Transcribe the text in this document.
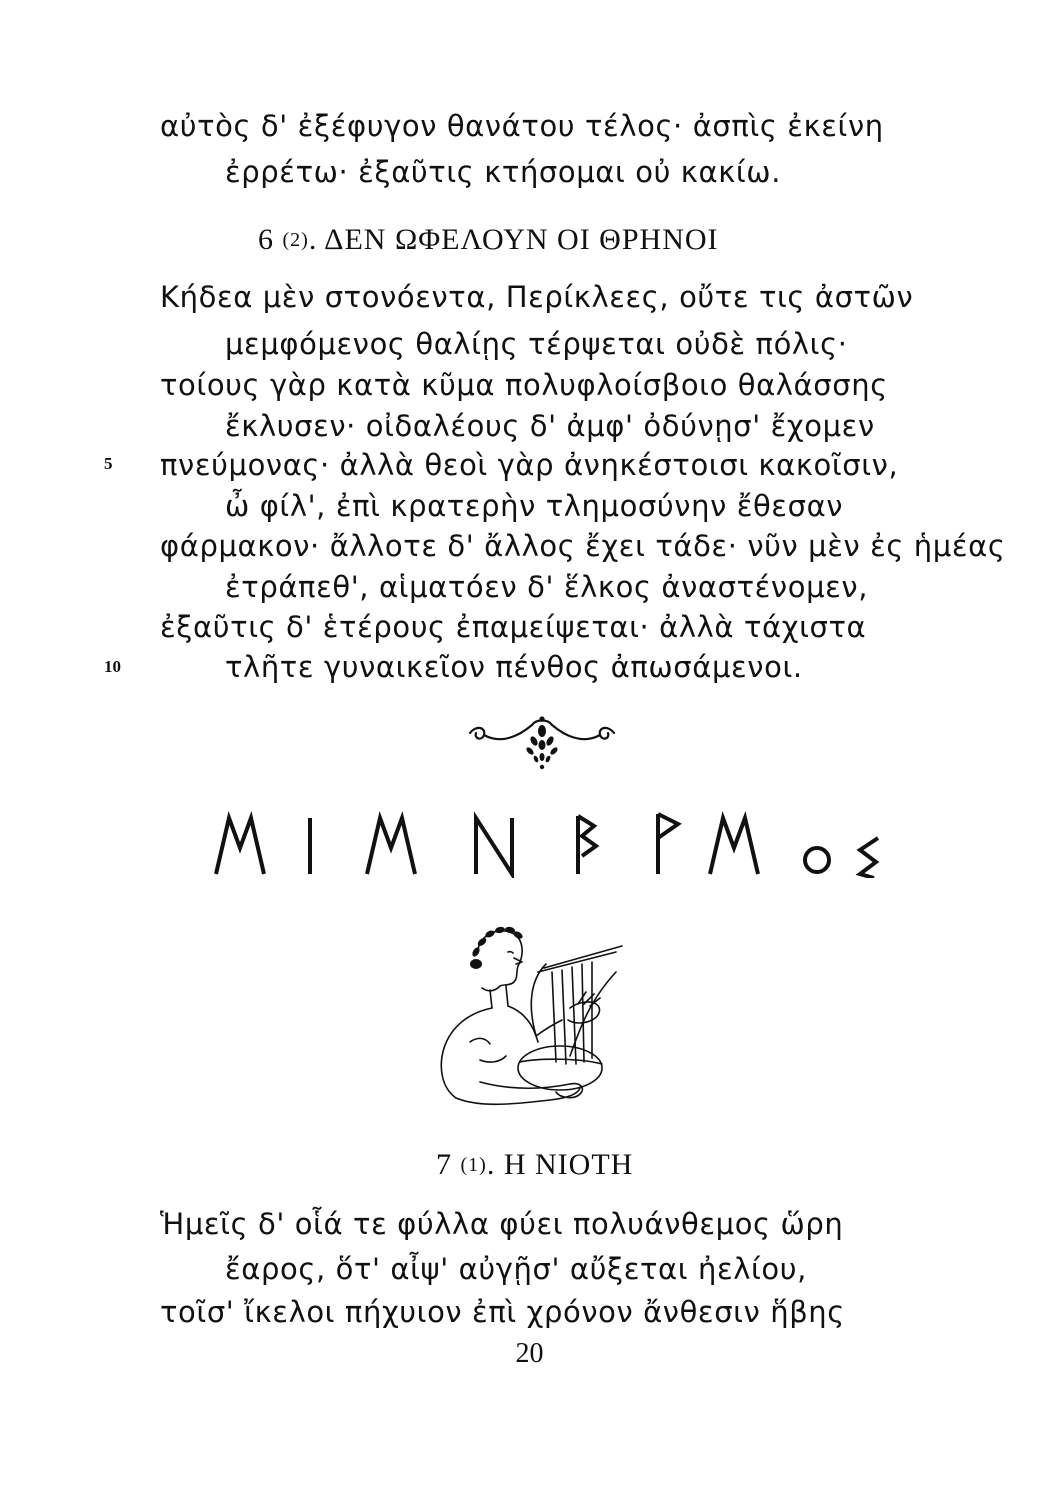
αὐτὸς δ' ἐξέφυγον θανάτου τέλος· ἀσπὶς ἐκείνη
ἐρρέτω· ἐξαῦτις κτήσομαι οὐ κακίω.
6 (2). ΔΕΝ ΩΦΕΛΟΥΝ ΟΙ ΘΡΗΝΟΙ
Κήδεα μὲν στονόεντα, Περίκλεες, οὔτε τις ἀστῶν
μεμφόμενος θαλίῃς τέρψεται οὐδὲ πόλις·
τοίους γὰρ κατὰ κῦμα πολυφλοίσβοιο θαλάσσης
ἔκλυσεν· οἰδαλέους δ' ἀμφ' ὀδύνῃσ' ἔχομεν
5 πνεύμονας· ἀλλὰ θεοὶ γὰρ ἀνηκέστοισι κακοῖσιν,
ὦ φίλ', ἐπὶ κρατερὴν τλημοσύνην ἔθεσαν
φάρμακον· ἄλλοτε δ' ἄλλος ἔχει τάδε· νῦν μὲν ἐς ἡμέας
ἐτράπεθ', αἱματόεν δ' ἕλκος ἀναστένομεν,
ἐξαῦτις δ' ἑτέρους ἐπαμείψεται· ἀλλὰ τάχιστα
10	τλῆτε γυναικεῖον πένθος ἀπωσάμενοι.
7 (1). Η ΝΙΟΤΗ
Ἡμεῖς δ' οἷά τε φύλλα φύει πολυάνθεμος ὥρη
ἔαρος, ὅτ' αἶψ' αὐγῇσ' αὔξεται ἠελίου,
τοῖσ' ἴκελοι πήχυιον ἐπὶ χρόνον ἄνθεσιν ἥβης
20
